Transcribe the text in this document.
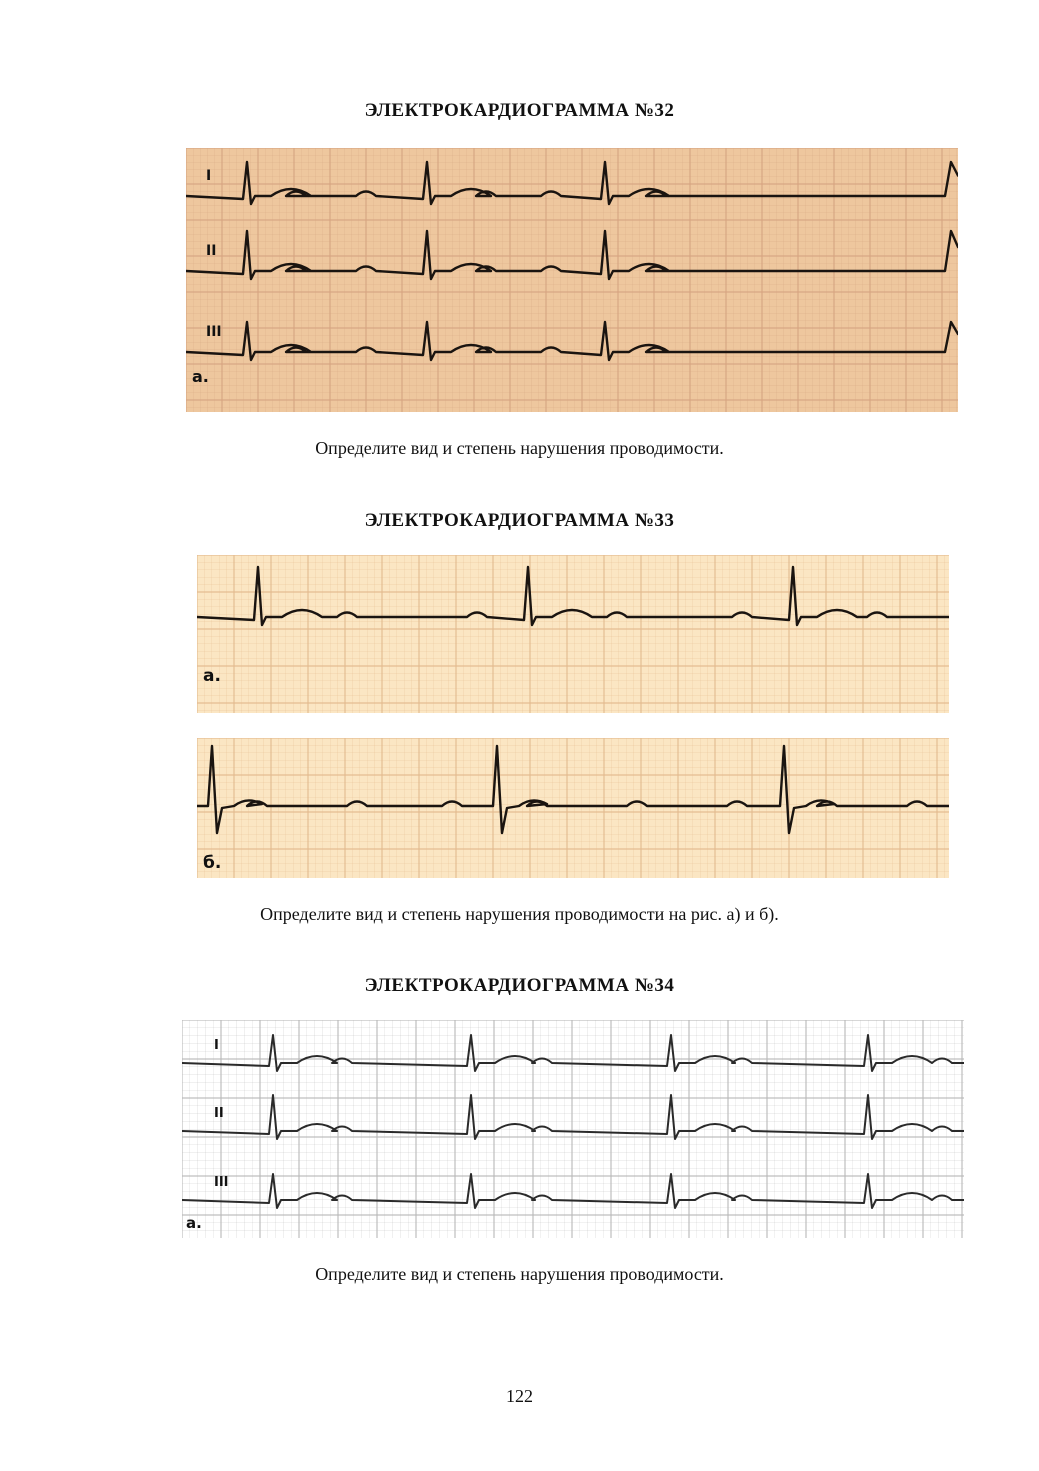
ЭЛЕКТРОКАРДИОГРАММА №32
I
II
III
а.
Определите вид и степень нарушения проводимости.
ЭЛЕКТРОКАРДИОГРАММА №33
а.
б.
Определите вид и степень нарушения проводимости на рис. а) и б).
ЭЛЕКТРОКАРДИОГРАММА №34
I
II
III
а.
Определите вид и степень нарушения проводимости.
122
